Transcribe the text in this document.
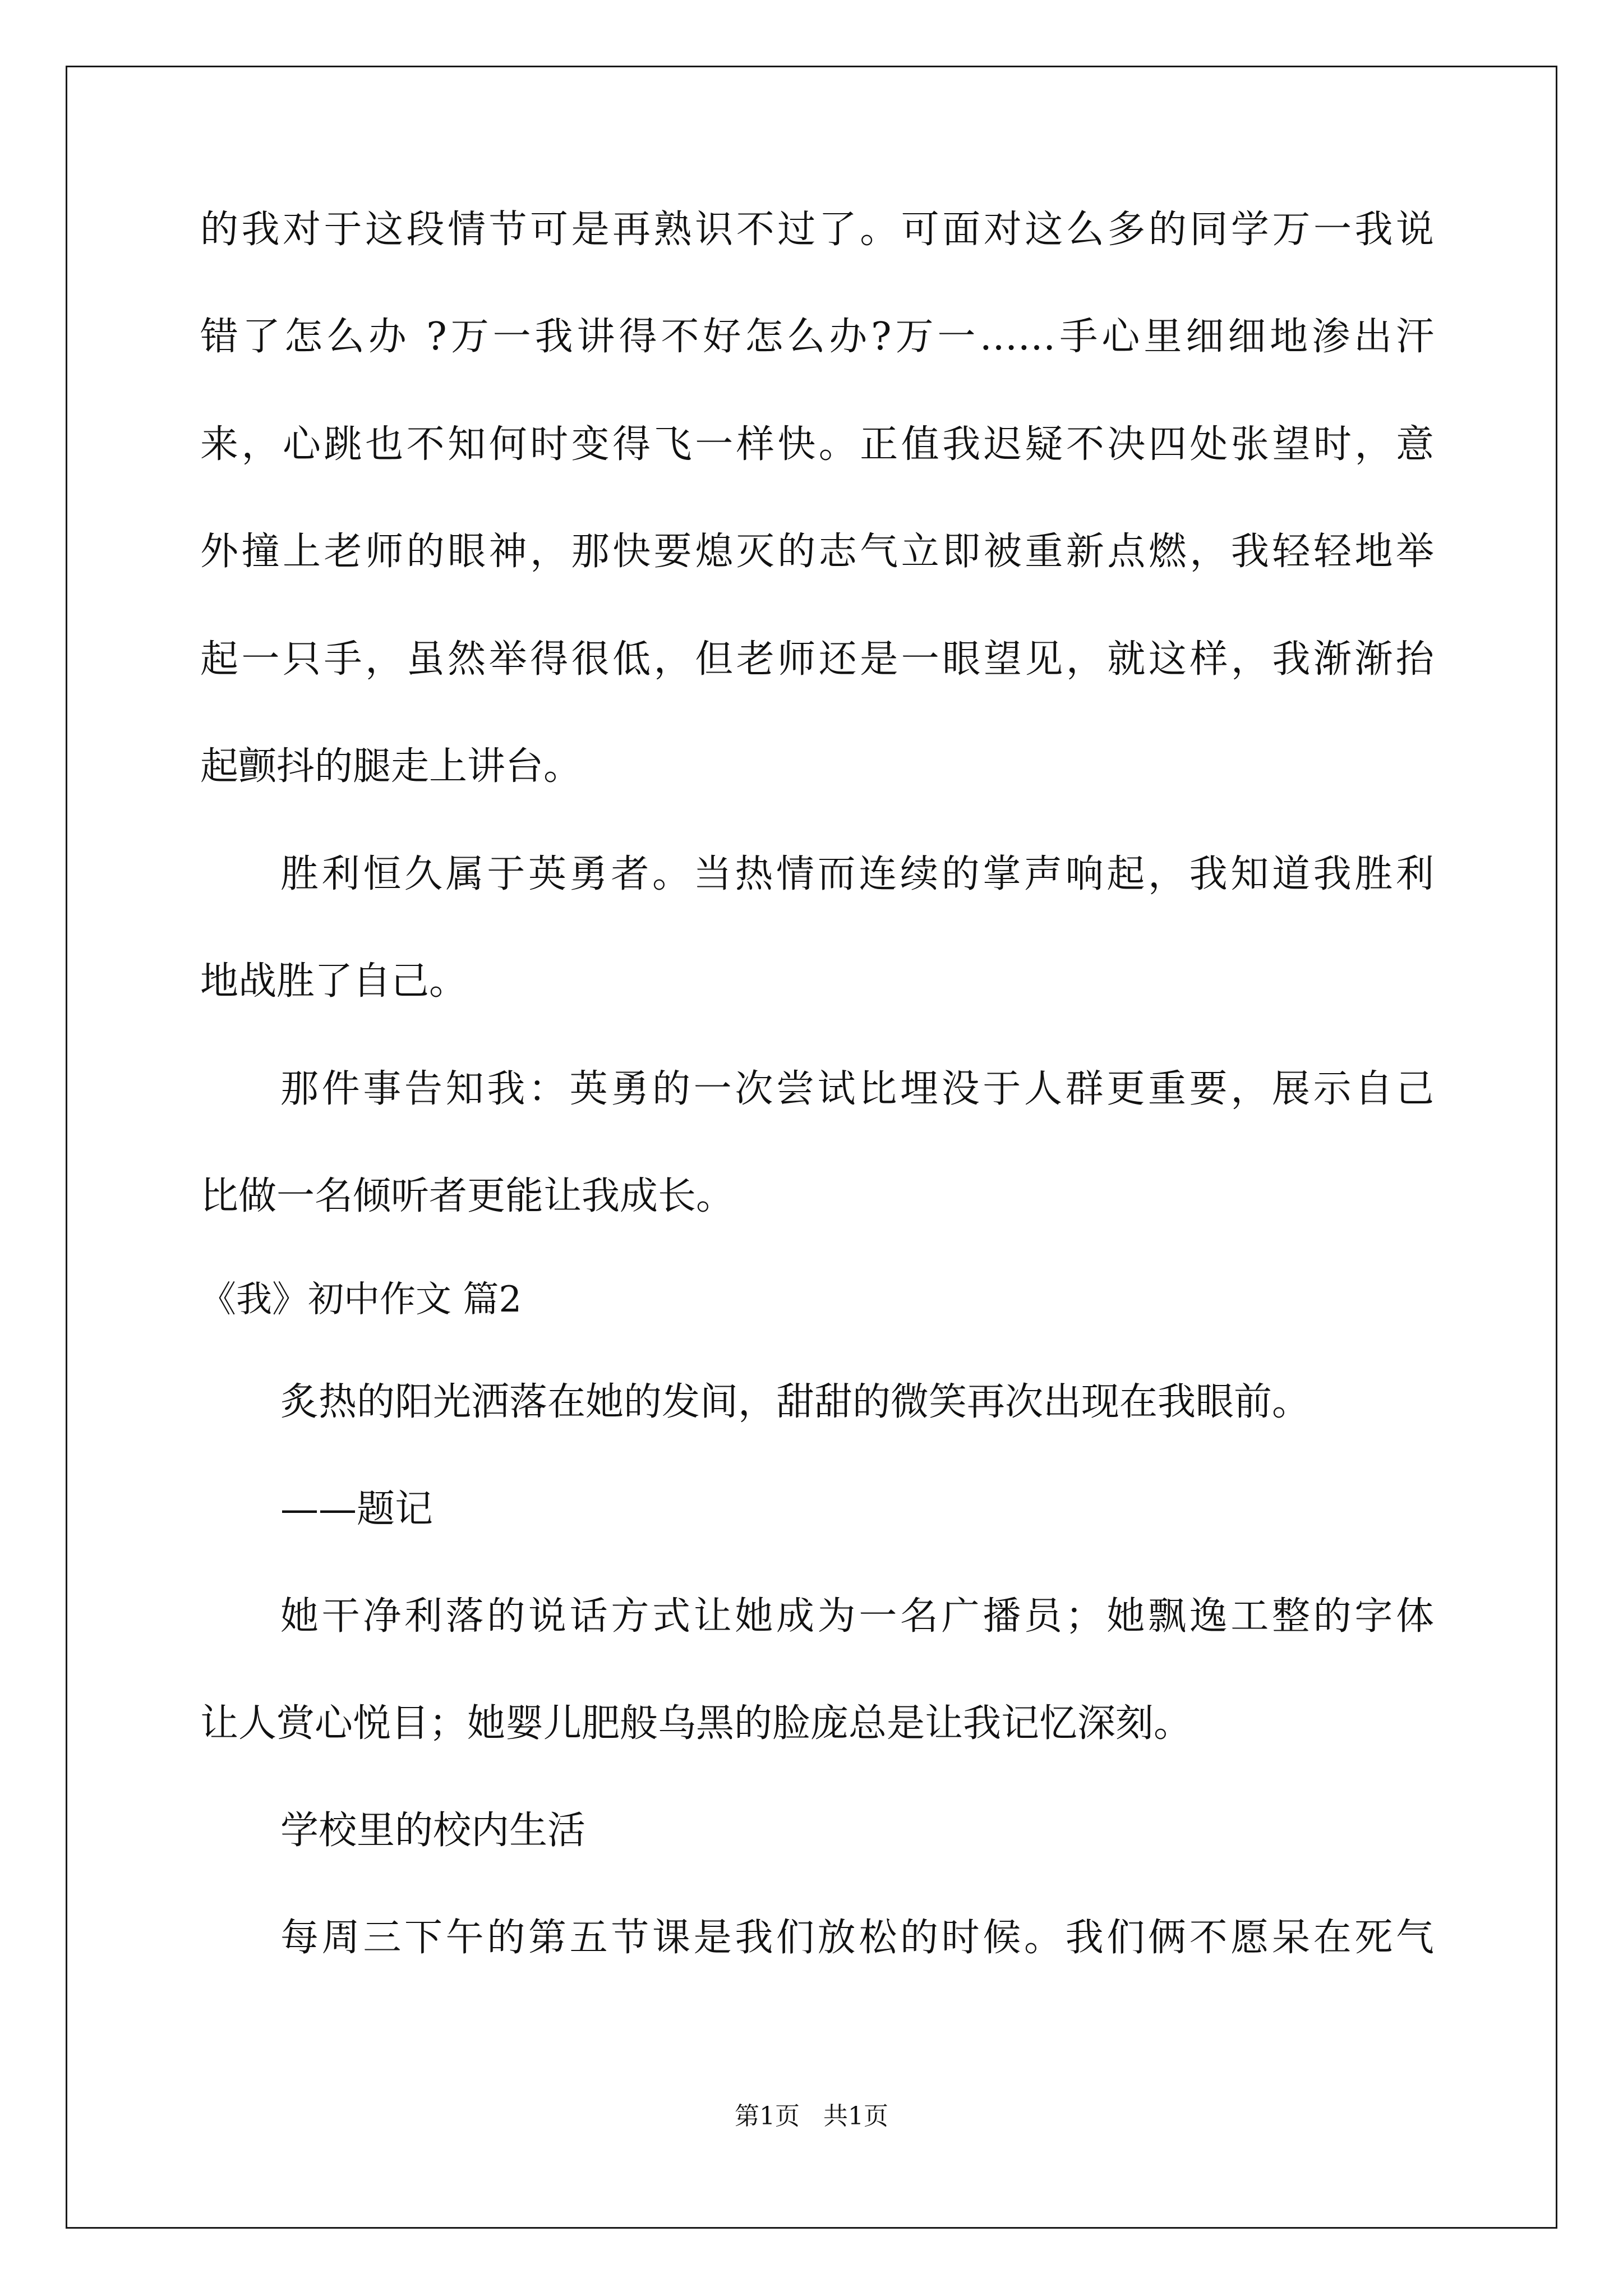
的我对于这段情节可是再熟识不过了。可面对这么多的同学万一我说
错了怎么办 ?万一我讲得不好怎么办?万一……手心里细细地渗出汗
来，心跳也不知何时变得飞一样快。正值我迟疑不决四处张望时，意
外撞上老师的眼神，那快要熄灭的志气立即被重新点燃，我轻轻地举
起一只手，虽然举得很低，但老师还是一眼望见，就这样，我渐渐抬
起颤抖的腿走上讲台。
胜利恒久属于英勇者。当热情而连续的掌声响起，我知道我胜利
地战胜了自己。
那件事告知我：英勇的一次尝试比埋没于人群更重要，展示自己
比做一名倾听者更能让我成长。
《我》初中作文 篇2
炙热的阳光洒落在她的发间，甜甜的微笑再次出现在我眼前。
——题记
她干净利落的说话方式让她成为一名广播员；她飘逸工整的字体
让人赏心悦目；她婴儿肥般乌黑的脸庞总是让我记忆深刻。
学校里的校内生活
每周三下午的第五节课是我们放松的时候。我们俩不愿呆在死气
第1页 共1页
